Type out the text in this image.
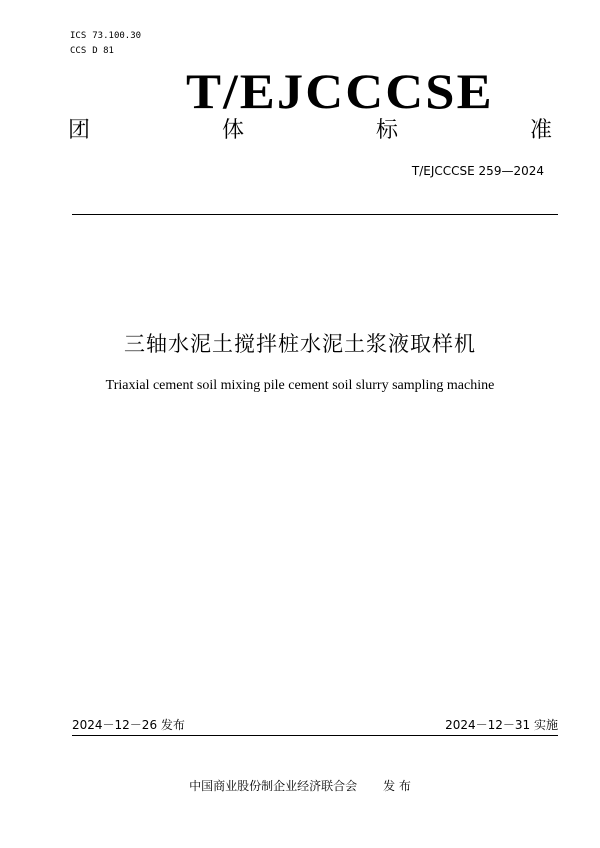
ICS 73.100.30
CCS D 81
T/EJCCCSE
团	体	标	准
T/EJCCCSE 259—2024
三轴水泥土搅拌桩水泥土浆液取样机
Triaxial cement soil mixing pile cement soil slurry sampling machine
2024－12－26 发布	2024－12－31 实施
中国商业股份制企业经济联合会 发 布
